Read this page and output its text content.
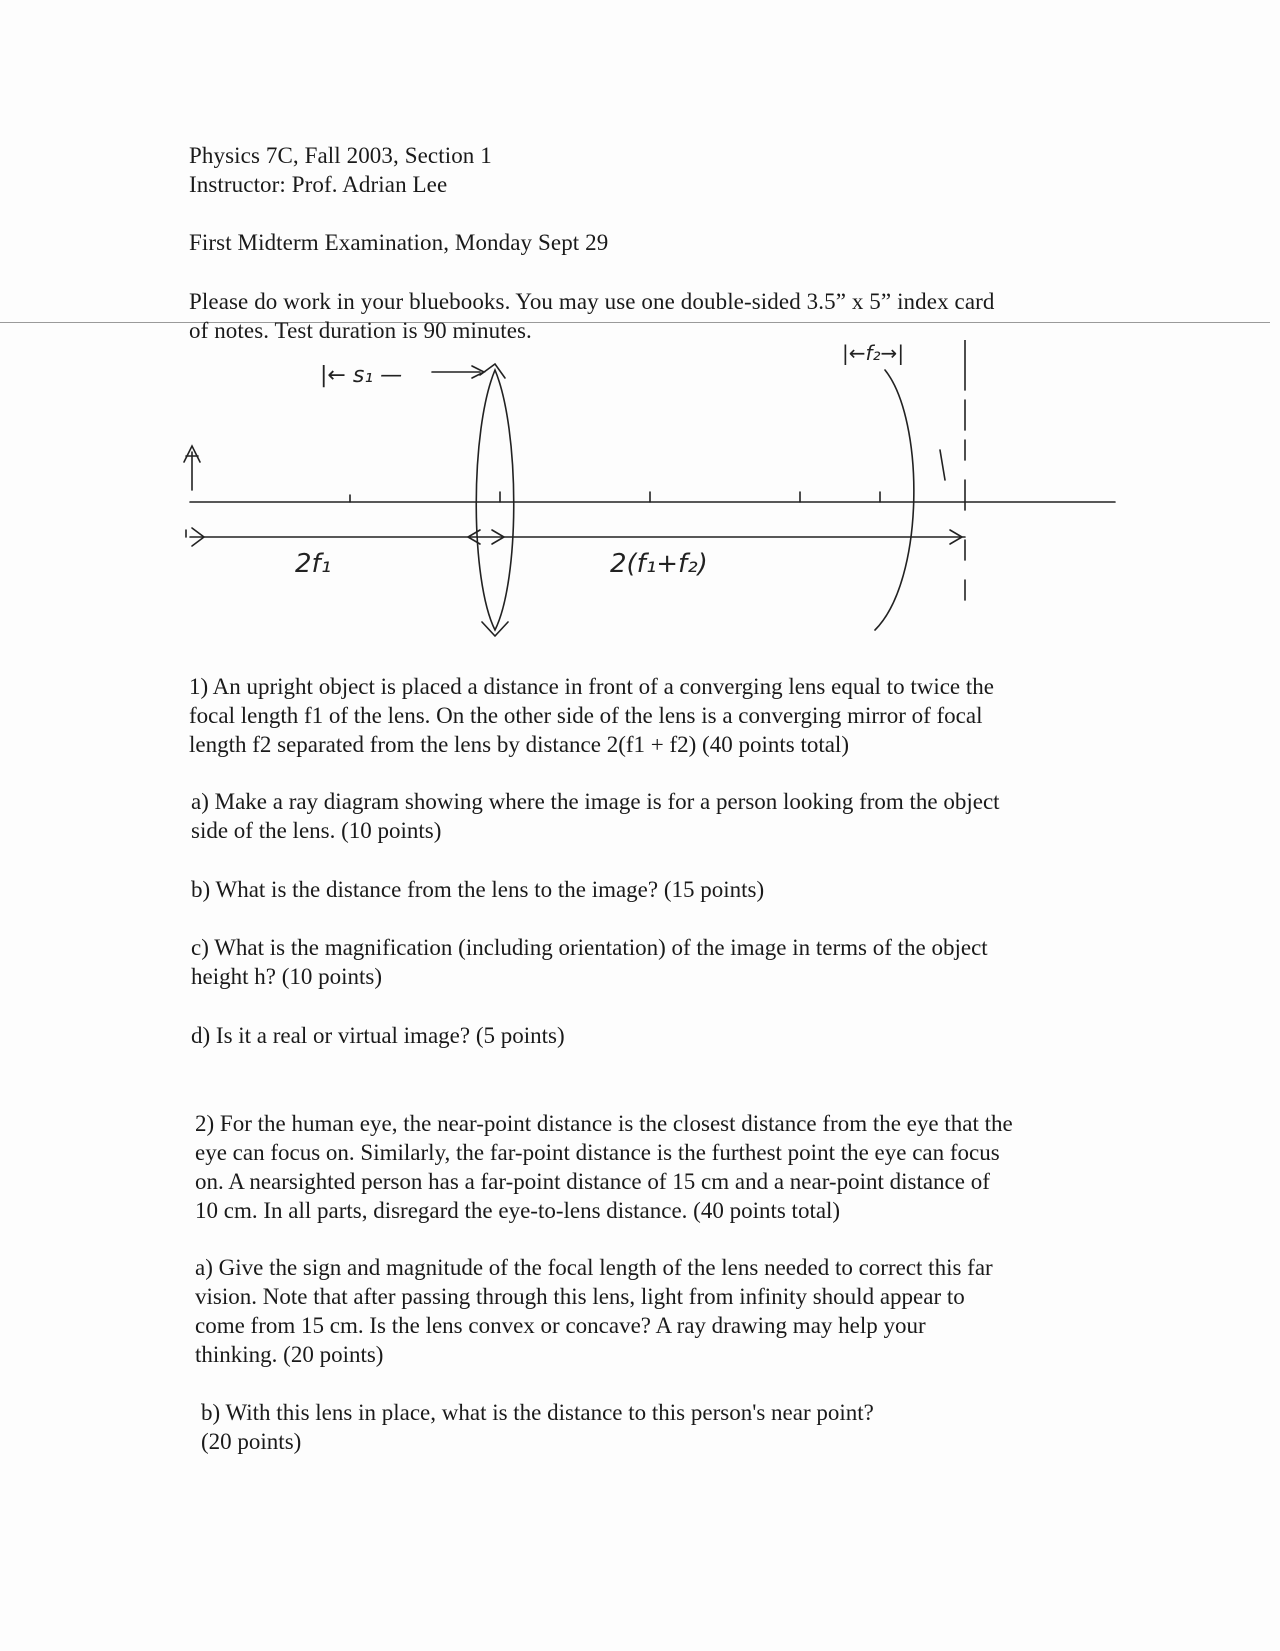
Physics 7C, Fall 2003, Section 1
Instructor: Prof. Adrian Lee
First Midterm Examination, Monday Sept 29
Please do work in your bluebooks. You may use one double-sided 3.5” x 5” index card
of notes. Test duration is 90 minutes.
|← s₁ —
|←f₂→|
2f₁	2(f₁+f₂)
1) An upright object is placed a distance in front of a converging lens equal to twice the
focal length f1 of the lens. On the other side of the lens is a converging mirror of focal
length f2 separated from the lens by distance 2(f1 + f2) (40 points total)
a) Make a ray diagram showing where the image is for a person looking from the object
side of the lens. (10 points)
b) What is the distance from the lens to the image? (15 points)
c) What is the magnification (including orientation) of the image in terms of the object
height h? (10 points)
d) Is it a real or virtual image? (5 points)
2) For the human eye, the near-point distance is the closest distance from the eye that the
eye can focus on. Similarly, the far-point distance is the furthest point the eye can focus
on. A nearsighted person has a far-point distance of 15 cm and a near-point distance of
10 cm. In all parts, disregard the eye-to-lens distance. (40 points total)
a) Give the sign and magnitude of the focal length of the lens needed to correct this far
vision. Note that after passing through this lens, light from infinity should appear to
come from 15 cm. Is the lens convex or concave? A ray drawing may help your
thinking. (20 points)
b) With this lens in place, what is the distance to this person's near point?
(20 points)
